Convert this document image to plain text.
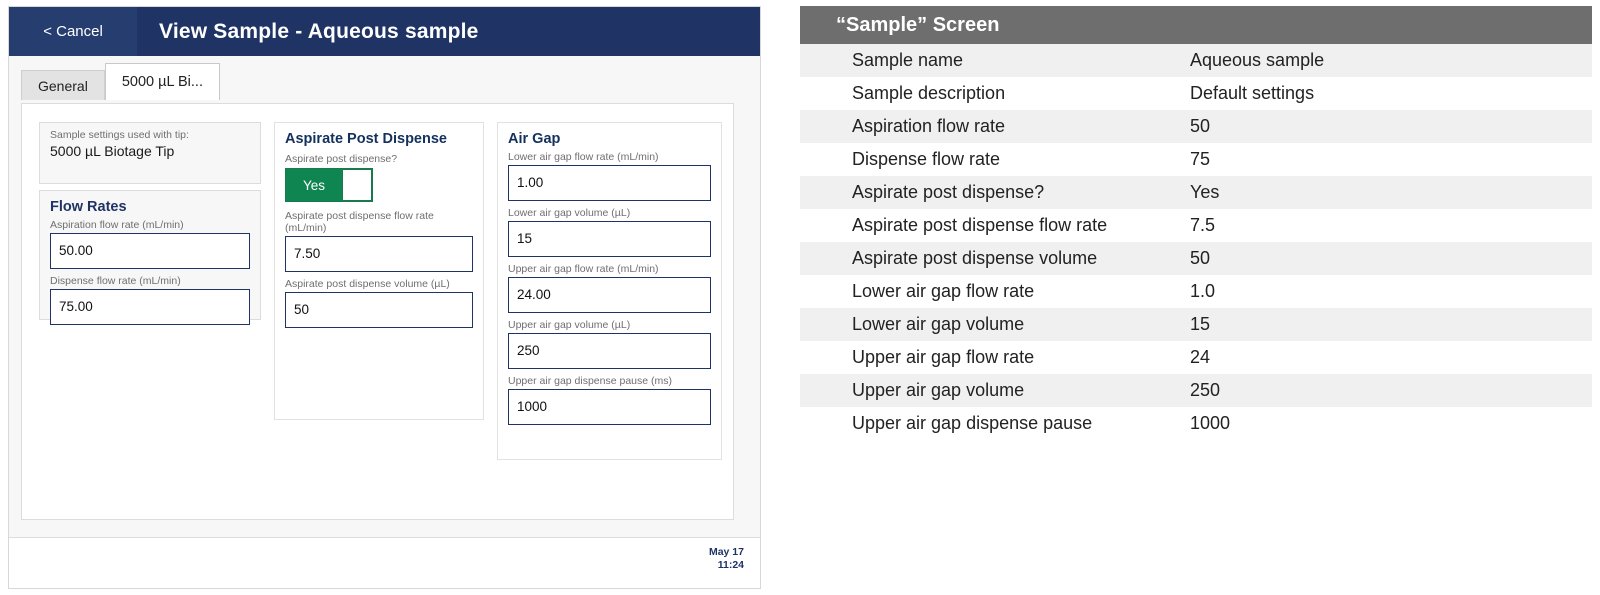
< Cancel	View Sample - Aqueous sample
General	5000 µL Bi...
Sample settings used with tip:
5000 µL Biotage Tip
Flow Rates
Aspiration flow rate (mL/min)
50.00
Dispense flow rate (mL/min)
75.00
Aspirate Post Dispense
Aspirate post dispense?
Yes
Aspirate post dispense flow rate (mL/min)
7.50
Aspirate post dispense volume (µL)
50
Air Gap
Lower air gap flow rate (mL/min)
1.00
Lower air gap volume (µL)
15
Upper air gap flow rate (mL/min)
24.00
Upper air gap volume (µL)
250
Upper air gap dispense pause (ms)
1000
May 17
11:24
“Sample” Screen
Sample name	Aqueous sample
Sample description	Default settings
Aspiration flow rate	50
Dispense flow rate	75
Aspirate post dispense?	Yes
Aspirate post dispense flow rate	7.5
Aspirate post dispense volume	50
Lower air gap flow rate	1.0
Lower air gap volume	15
Upper air gap flow rate	24
Upper air gap volume	250
Upper air gap dispense pause	1000
